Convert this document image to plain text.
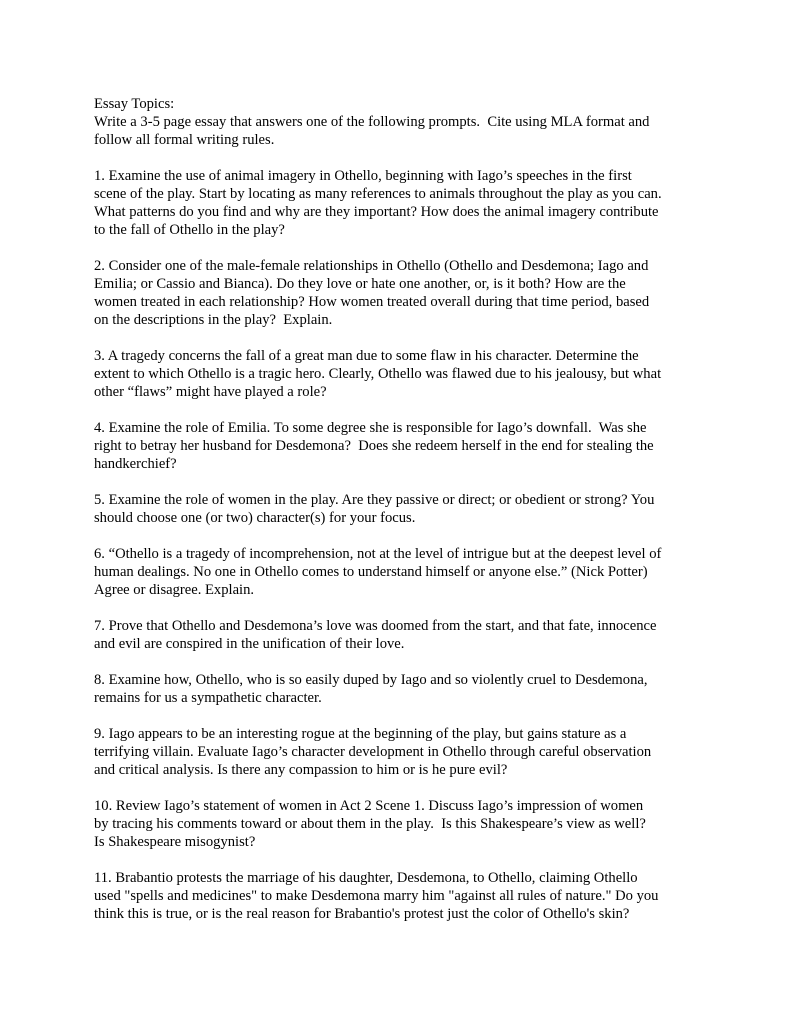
Essay Topics:
Write a 3-5 page essay that answers one of the following prompts.  Cite using MLA format and
follow all formal writing rules.
1. Examine the use of animal imagery in Othello, beginning with Iago’s speeches in the first
scene of the play. Start by locating as many references to animals throughout the play as you can.
What patterns do you find and why are they important? How does the animal imagery contribute
to the fall of Othello in the play?
2. Consider one of the male-female relationships in Othello (Othello and Desdemona; Iago and
Emilia; or Cassio and Bianca). Do they love or hate one another, or, is it both? How are the
women treated in each relationship? How women treated overall during that time period, based
on the descriptions in the play?  Explain.
3. A tragedy concerns the fall of a great man due to some flaw in his character. Determine the
extent to which Othello is a tragic hero. Clearly, Othello was flawed due to his jealousy, but what
other “flaws” might have played a role?
4. Examine the role of Emilia. To some degree she is responsible for Iago’s downfall.  Was she
right to betray her husband for Desdemona?  Does she redeem herself in the end for stealing the
handkerchief?
5. Examine the role of women in the play. Are they passive or direct; or obedient or strong? You
should choose one (or two) character(s) for your focus.
6. “Othello is a tragedy of incomprehension, not at the level of intrigue but at the deepest level of
human dealings. No one in Othello comes to understand himself or anyone else.” (Nick Potter)
Agree or disagree. Explain.
7. Prove that Othello and Desdemona’s love was doomed from the start, and that fate, innocence
and evil are conspired in the unification of their love.
8. Examine how, Othello, who is so easily duped by Iago and so violently cruel to Desdemona,
remains for us a sympathetic character.
9. Iago appears to be an interesting rogue at the beginning of the play, but gains stature as a
terrifying villain. Evaluate Iago’s character development in Othello through careful observation
and critical analysis. Is there any compassion to him or is he pure evil?
10. Review Iago’s statement of women in Act 2 Scene 1. Discuss Iago’s impression of women
by tracing his comments toward or about them in the play.  Is this Shakespeare’s view as well?
Is Shakespeare misogynist?
11. Brabantio protests the marriage of his daughter, Desdemona, to Othello, claiming Othello
used "spells and medicines" to make Desdemona marry him "against all rules of nature." Do you
think this is true, or is the real reason for Brabantio's protest just the color of Othello's skin?
